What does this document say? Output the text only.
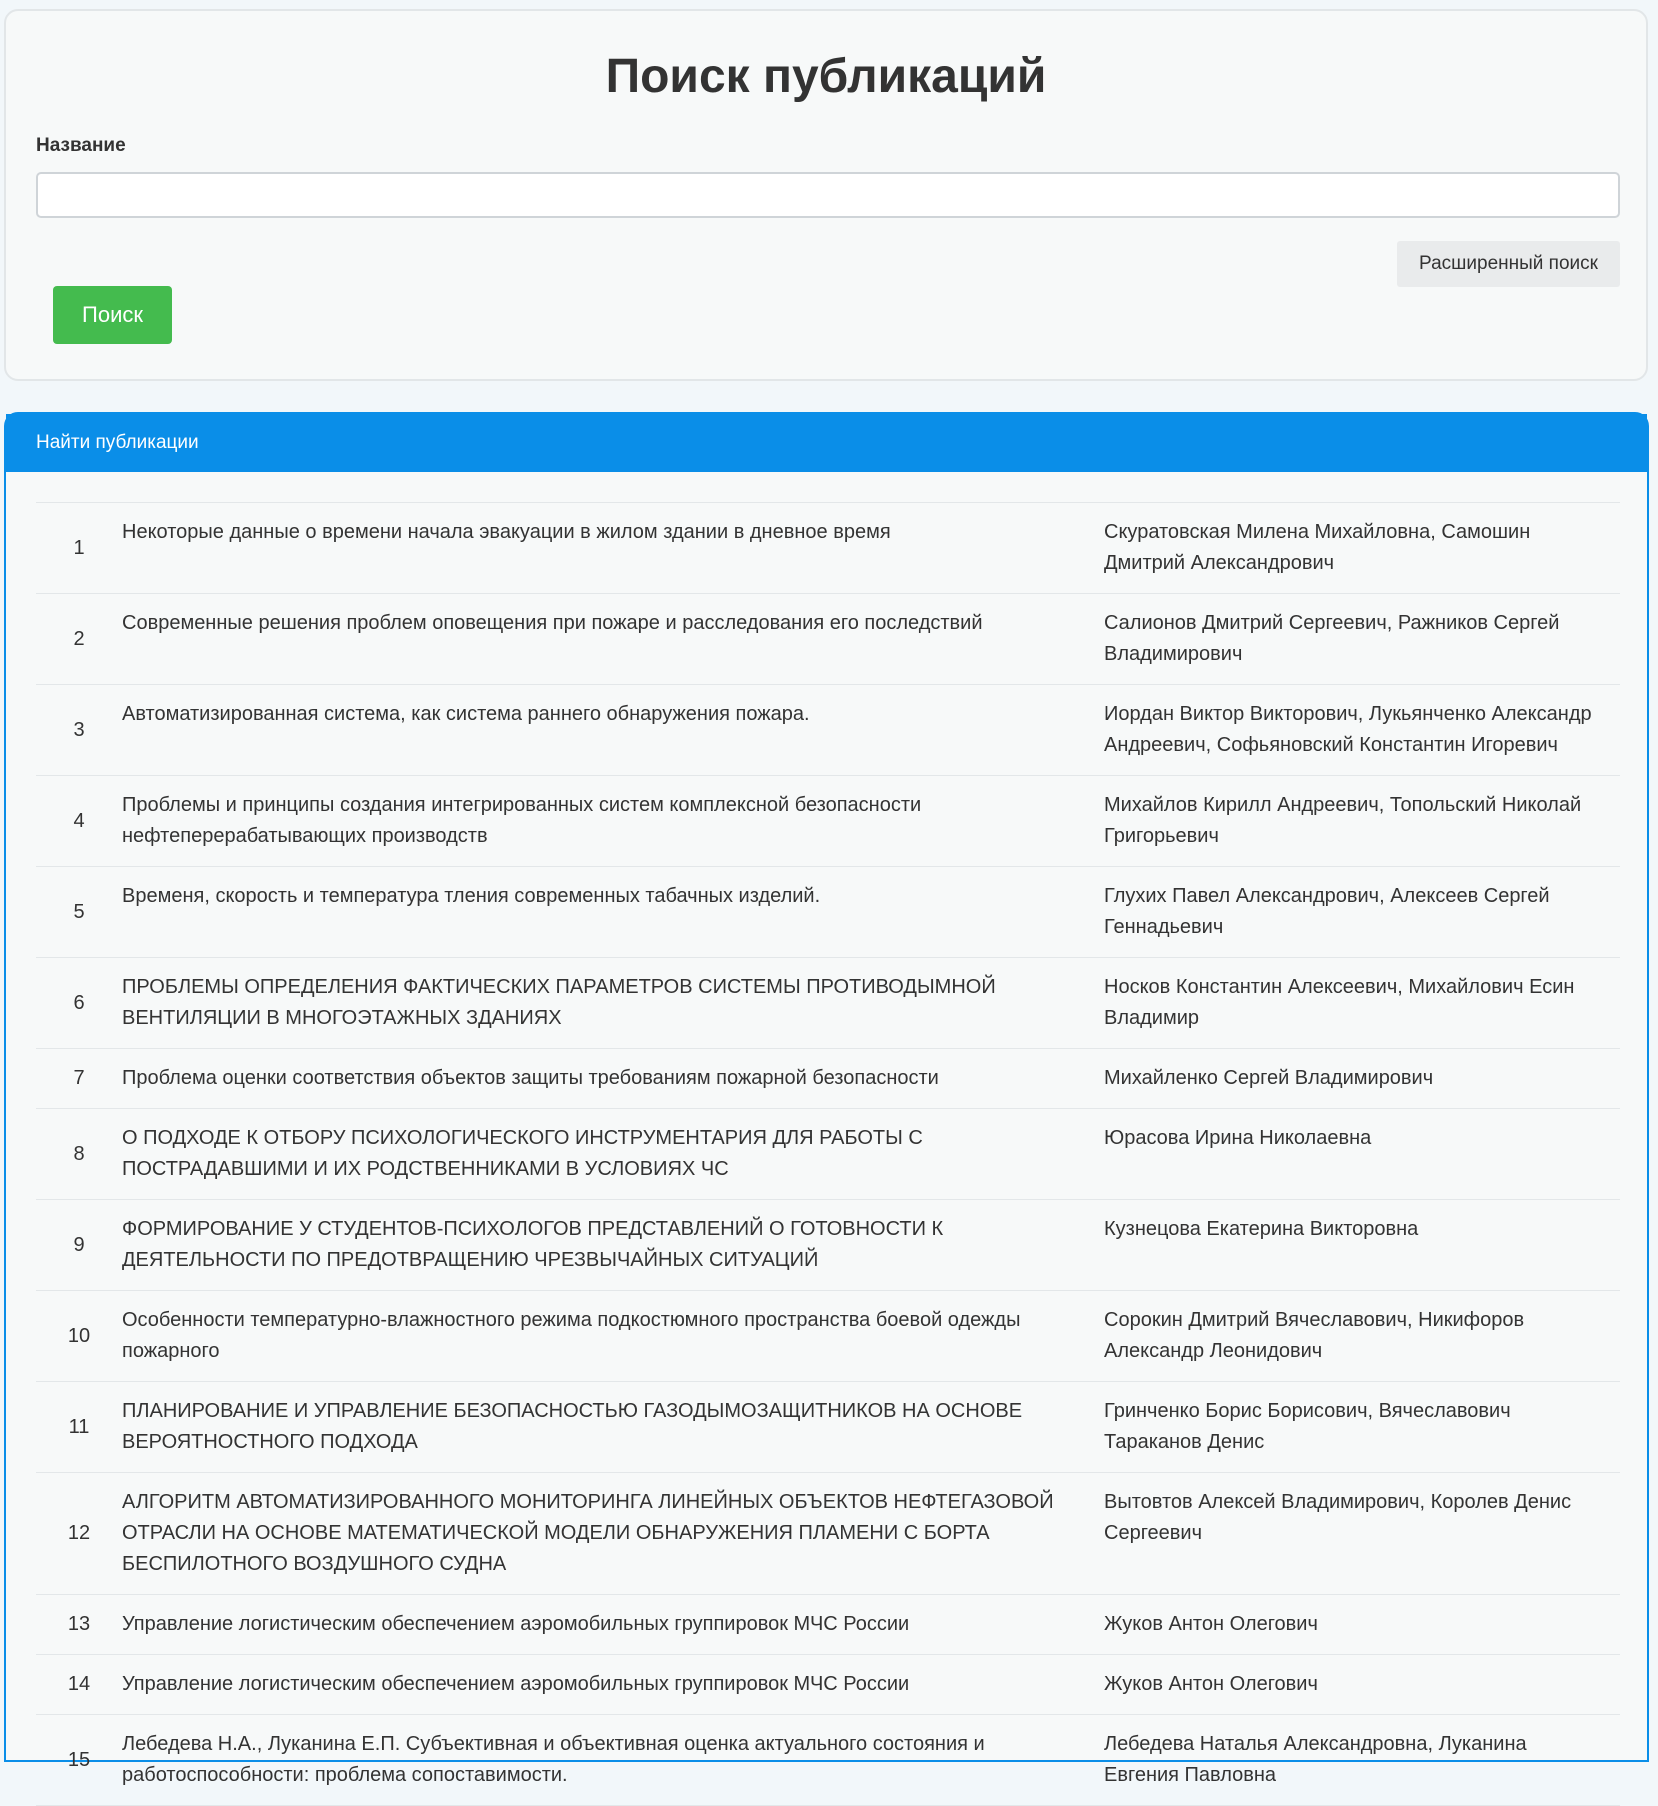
Поиск публикаций
Название
Расширенный поиск
Поиск
Найти публикации
1	Некоторые данные о времени начала эвакуации в жилом здании в дневное время	Скуратовская Милена Михайловна, Самошин Дмитрий Александрович
2	Современные решения проблем оповещения при пожаре и расследования его последствий	Салионов Дмитрий Сергеевич, Ражников Сергей Владимирович
3	Автоматизированная система, как система раннего обнаружения пожара.	Иордан Виктор Викторович, Лукьянченко Александр Андреевич, Софьяновский Константин Игоревич
4	Проблемы и принципы создания интегрированных систем комплексной безопасности нефтеперерабатывающих производств	Михайлов Кирилл Андреевич, Топольский Николай Григорьевич
5	Временя, скорость и температура тления современных табачных изделий.	Глухих Павел Александрович, Алексеев Сергей Геннадьевич
6	ПРОБЛЕМЫ ОПРЕДЕЛЕНИЯ ФАКТИЧЕСКИХ ПАРАМЕТРОВ СИСТЕМЫ ПРОТИВОДЫМНОЙ ВЕНТИЛЯЦИИ В МНОГОЭТАЖНЫХ ЗДАНИЯХ	Носков Константин Алексеевич, Михайлович Есин Владимир
7	Проблема оценки соответствия объектов защиты требованиям пожарной безопасности	Михайленко Сергей Владимирович
8	О ПОДХОДЕ К ОТБОРУ ПСИХОЛОГИЧЕСКОГО ИНСТРУМЕНТАРИЯ ДЛЯ РАБОТЫ С ПОСТРАДАВШИМИ И ИХ РОДСТВЕННИКАМИ В УСЛОВИЯХ ЧС	Юрасова Ирина Николаевна
9	ФОРМИРОВАНИЕ У СТУДЕНТОВ-ПСИХОЛОГОВ ПРЕДСТАВЛЕНИЙ О ГОТОВНОСТИ К ДЕЯТЕЛЬНОСТИ ПО ПРЕДОТВРАЩЕНИЮ ЧРЕЗВЫЧАЙНЫХ СИТУАЦИЙ	Кузнецова Екатерина Викторовна
10	Особенности температурно-влажностного режима подкостюмного пространства боевой одежды пожарного	Сорокин Дмитрий Вячеславович, Никифоров Александр Леонидович
11	ПЛАНИРОВАНИЕ И УПРАВЛЕНИЕ БЕЗОПАСНОСТЬЮ ГАЗОДЫМОЗАЩИТНИКОВ НА ОСНОВЕ ВЕРОЯТНОСТНОГО ПОДХОДА	Гринченко Борис Борисович, Вячеславович Тараканов Денис
12	АЛГОРИТМ АВТОМАТИЗИРОВАННОГО МОНИТОРИНГА ЛИНЕЙНЫХ ОБЪЕКТОВ НЕФТЕГАЗОВОЙ ОТРАСЛИ НА ОСНОВЕ МАТЕМАТИЧЕСКОЙ МОДЕЛИ ОБНАРУЖЕНИЯ ПЛАМЕНИ С БОРТА БЕСПИЛОТНОГО ВОЗДУШНОГО СУДНА	Вытовтов Алексей Владимирович, Королев Денис Сергеевич
13	Управление логистическим обеспечением аэромобильных группировок МЧС России	Жуков Антон Олегович
14	Управление логистическим обеспечением аэромобильных группировок МЧС России	Жуков Антон Олегович
15	Лебедева Н.А., Луканина Е.П. Субъективная и объективная оценка актуального состояния и работоспособности: проблема сопоставимости.	Лебедева Наталья Александровна, Луканина Евгения Павловна
